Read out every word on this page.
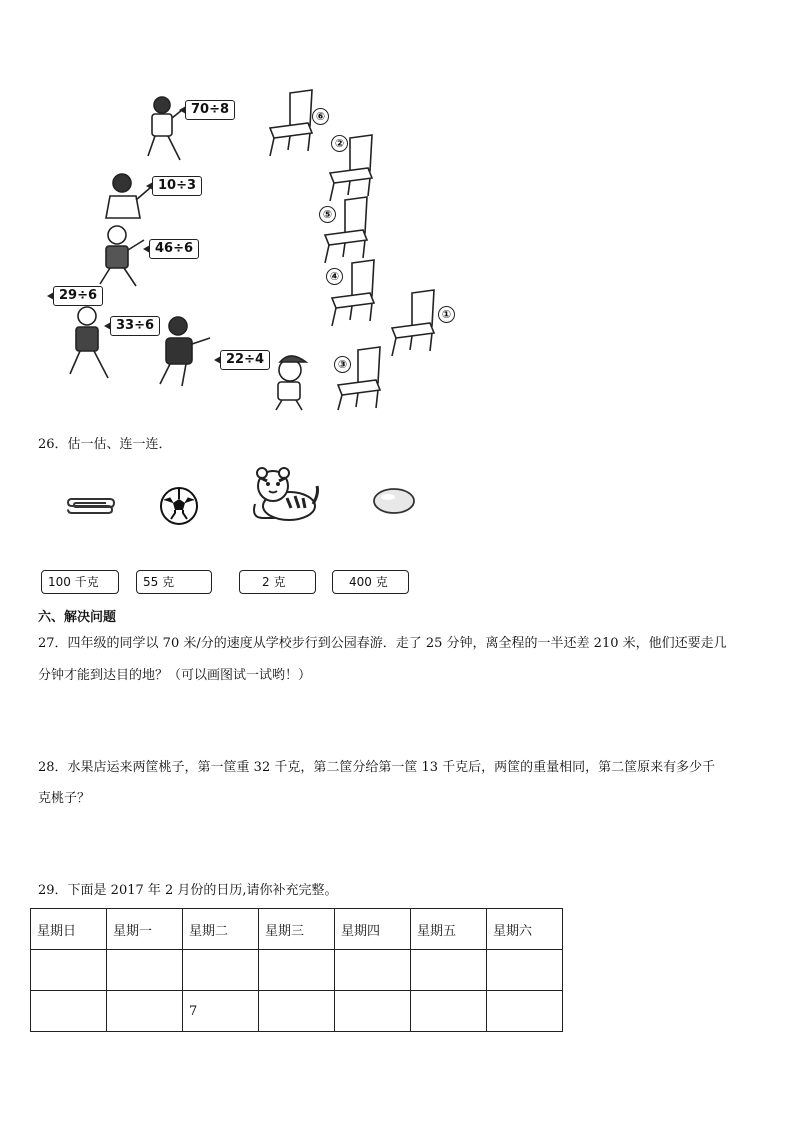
70÷8
10÷3
46÷6
29÷6
33÷6
22÷4
⑥
②
⑤
④
①
③
26．估一估、连一连．
100 千克	55 克	2 克	400 克
六、解决问题
27．四年级的同学以 70 米/分的速度从学校步行到公园春游．走了 25 分钟，离全程的一半还差 210 米，他们还要走几
分钟才能到达目的地？（可以画图试一试哟！）
28．水果店运来两筐桃子，第一筐重 32 千克，第二筐分给第一筐 13 千克后，两筐的重量相同，第二筐原来有多少千
克桃子？
29．下面是 2017 年 2 月份的日历,请你补充完整。
星期日	星期一	星期二	星期三	星期四	星期五	星期六

		7				
